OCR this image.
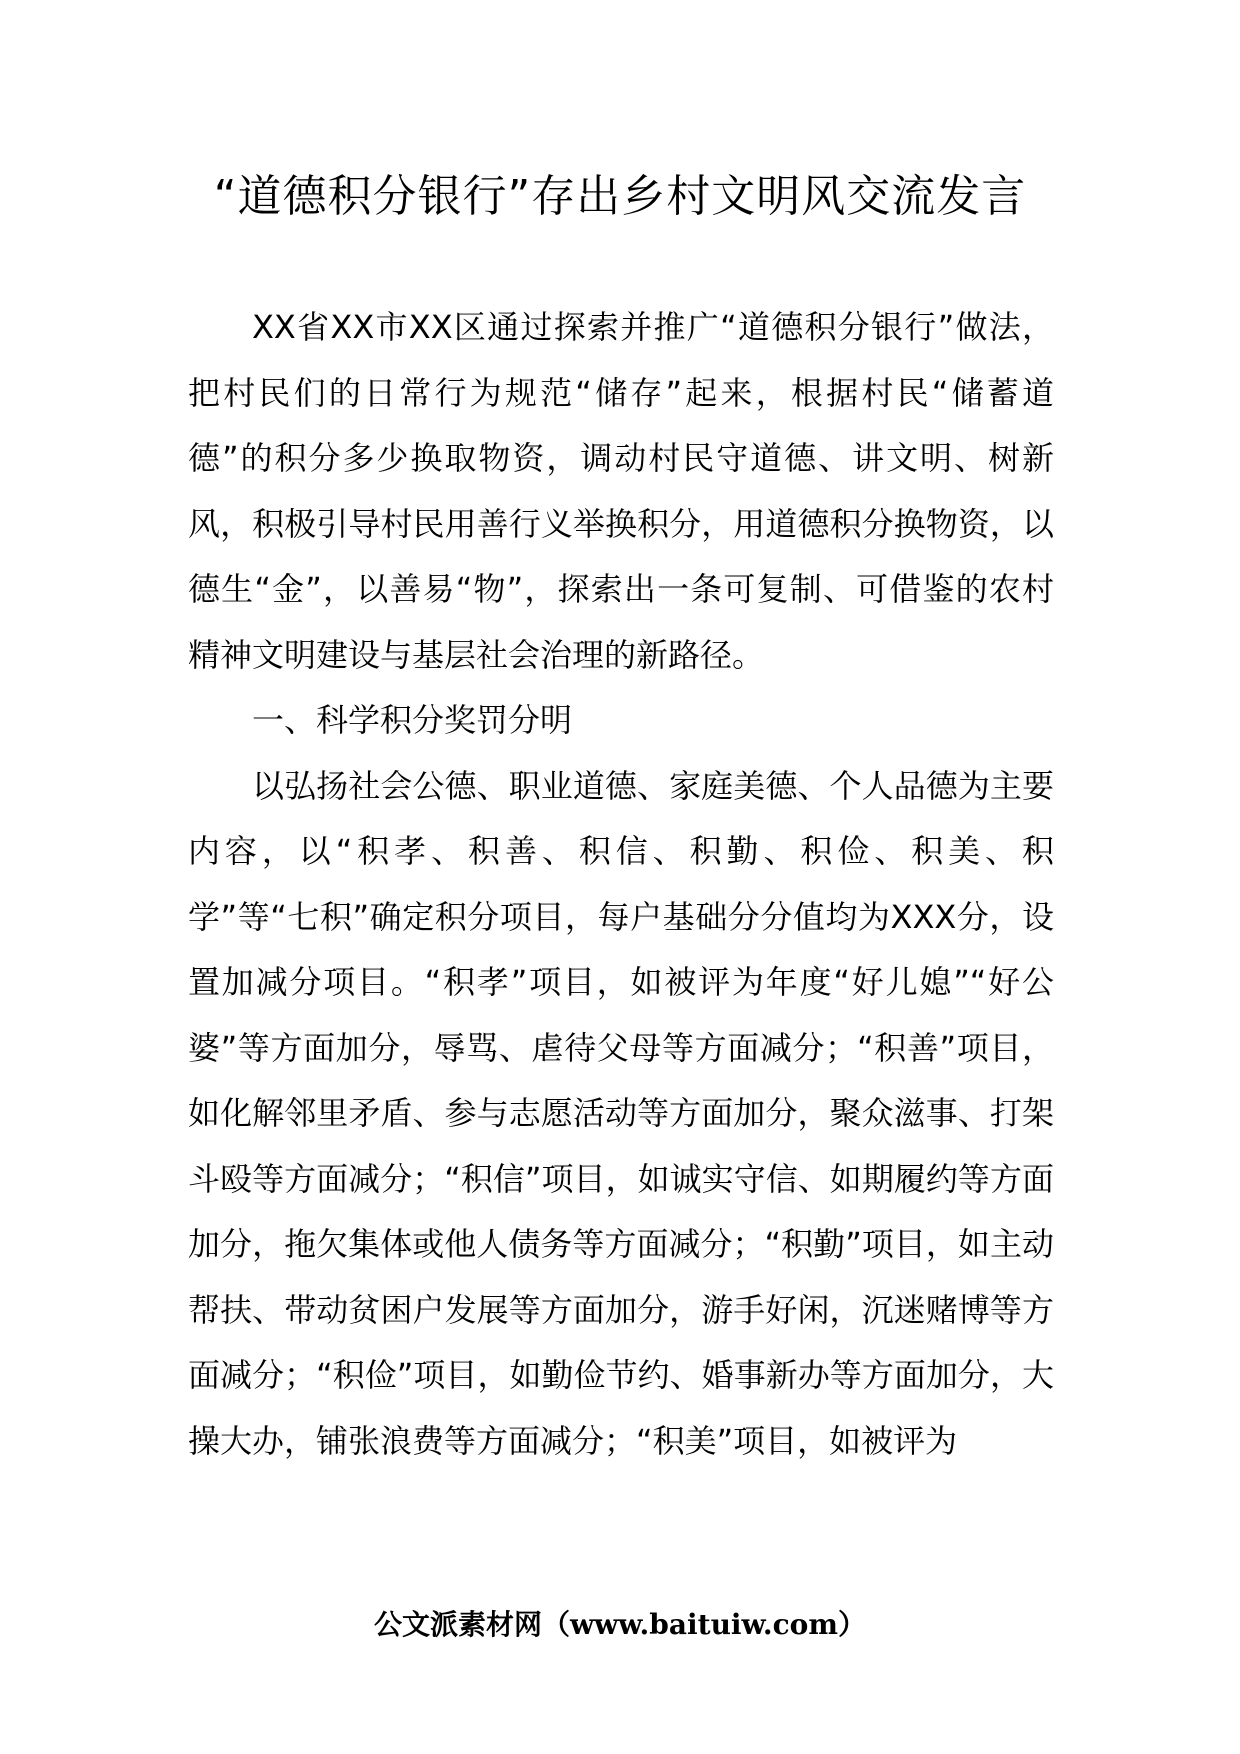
“道德积分银行”存出乡村文明风交流发言

XX省XX市XX区通过探索并推广“道德积分银行”做法，把村民们的日常行为规范“储存”起来，根据村民“储蓄道德”的积分多少换取物资，调动村民守道德、讲文明、树新风，积极引导村民用善行义举换积分，用道德积分换物资，以德生“金”，以善易“物”，探索出一条可复制、可借鉴的农村精神文明建设与基层社会治理的新路径。

一、科学积分奖罚分明

以弘扬社会公德、职业道德、家庭美德、个人品德为主要内容，以“积孝、积善、积信、积勤、积俭、积美、积学”等“七积”确定积分项目，每户基础分分值均为XXX分，设置加减分项目。“积孝”项目，如被评为年度“好儿媳”“好公婆”等方面加分，辱骂、虐待父母等方面减分；“积善”项目，如化解邻里矛盾、参与志愿活动等方面加分，聚众滋事、打架斗殴等方面减分；“积信”项目，如诚实守信、如期履约等方面加分，拖欠集体或他人债务等方面减分；“积勤”项目，如主动帮扶、带动贫困户发展等方面加分，游手好闲，沉迷赌博等方面减分；“积俭”项目，如勤俭节约、婚事新办等方面加分，大操大办，铺张浪费等方面减分；“积美”项目，如被评为

公文派素材网（www.baituiw.com）
